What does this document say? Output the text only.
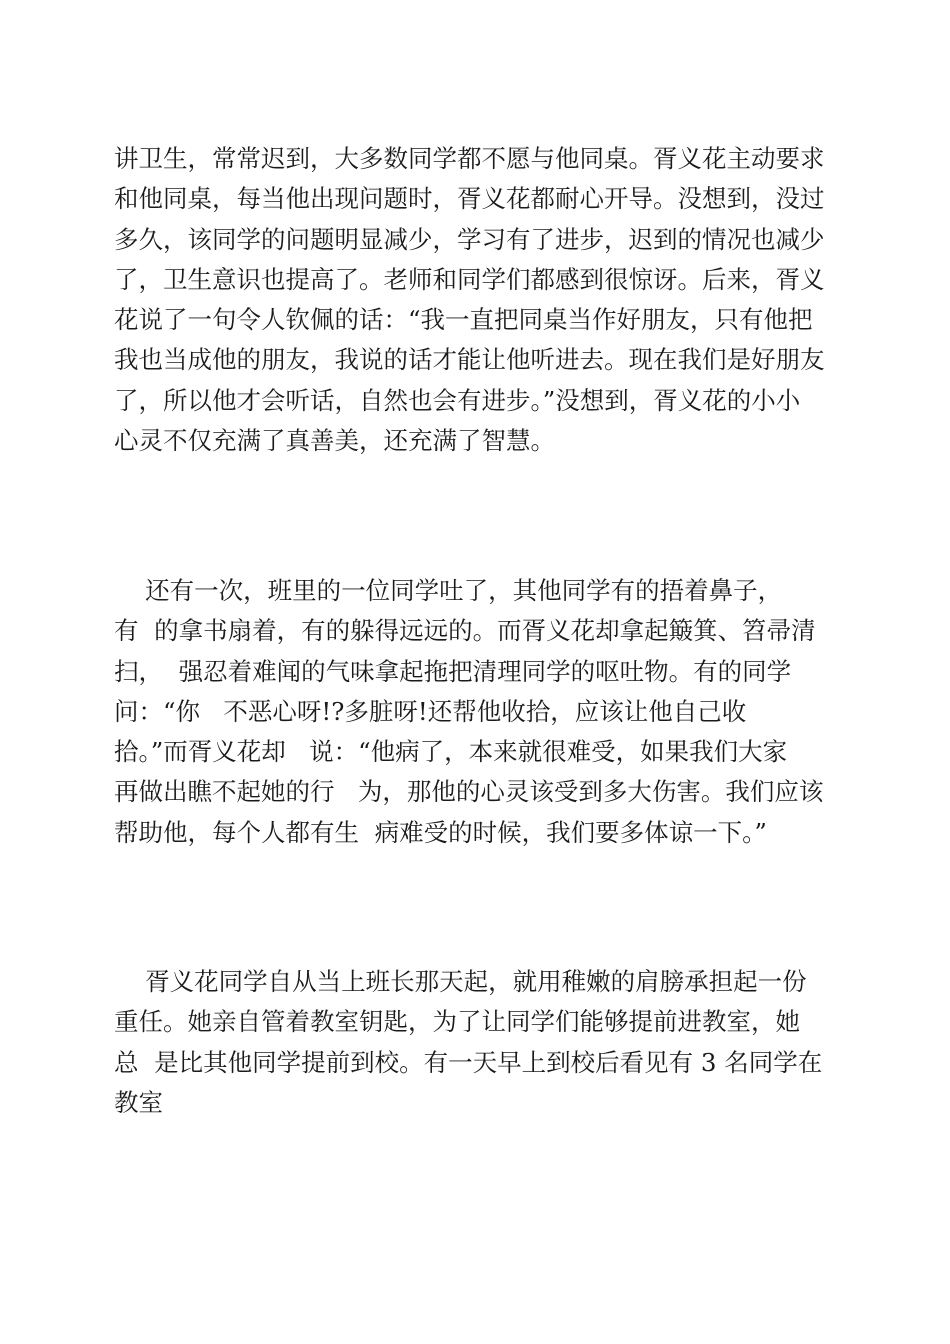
讲卫生，常常迟到，大多数同学都不愿与他同桌。胥义花主动要求
和他同桌，每当他出现问题时，胥义花都耐心开导。没想到，没过
多久，该同学的问题明显减少，学习有了进步，迟到的情况也减少
了，卫生意识也提高了。老师和同学们都感到很惊讶。后来，胥义
花说了一句令人钦佩的话：“我一直把同桌当作好朋友，只有他把
我也当成他的朋友，我说的话才能让他听进去。现在我们是好朋友
了，所以他才会听话，自然也会有进步。”没想到，胥义花的小小
心灵不仅充满了真善美，还充满了智慧。
还有一次，班里的一位同学吐了，其他同学有的捂着鼻子，
有  的拿书扇着，有的躲得远远的。而胥义花却拿起簸箕、笤帚清
扫，  强忍着难闻的气味拿起拖把清理同学的呕吐物。有的同学
问：“你   不恶心呀!?多脏呀!还帮他收拾，应该让他自己收
拾。”而胥义花却   说：“他病了，本来就很难受，如果我们大家
再做出瞧不起她的行   为，那他的心灵该受到多大伤害。我们应该
帮助他，每个人都有生  病难受的时候，我们要多体谅一下。”
胥义花同学自从当上班长那天起，就用稚嫩的肩膀承担起一份
重任。她亲自管着教室钥匙，为了让同学们能够提前进教室，她
总  是比其他同学提前到校。有一天早上到校后看见有 3 名同学在
教室
